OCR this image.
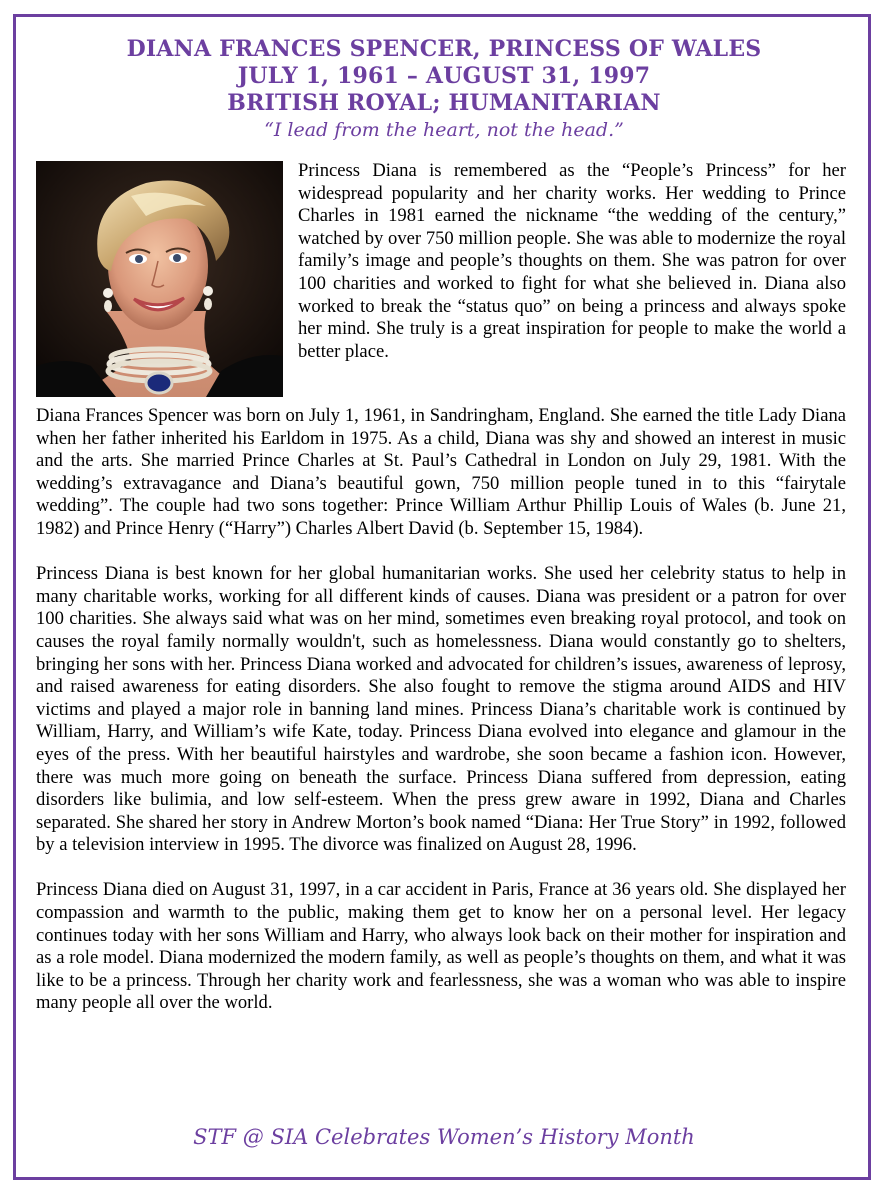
DIANA FRANCES SPENCER, PRINCESS OF WALES
JULY 1, 1961 – AUGUST 31, 1997
BRITISH ROYAL; HUMANITARIAN
“I lead from the heart, not the head.”
Princess Diana is remembered as the “People’s Princess” for her widespread popularity and her charity works. Her wedding to Prince Charles in 1981 earned the nickname “the wedding of the century,” watched by over 750 million people. She was able to modernize the royal family’s image and people’s thoughts on them. She was patron for over 100 charities and worked to fight for what she believed in. Diana also worked to break the “status quo” on being a princess and always spoke her mind. She truly is a great inspiration for people to make the world a better place.

Diana Frances Spencer was born on July 1, 1961, in Sandringham, England. She earned the title Lady Diana when her father inherited his Earldom in 1975. As a child, Diana was shy and showed an interest in music and the arts. She married Prince Charles at St. Paul’s Cathedral in London on July 29, 1981. With the wedding’s extravagance and Diana’s beautiful gown, 750 million people tuned in to this “fairytale wedding”. The couple had two sons together: Prince William Arthur Phillip Louis of Wales (b. June 21, 1982) and Prince Henry (“Harry”) Charles Albert David (b. September 15, 1984).

Princess Diana is best known for her global humanitarian works. She used her celebrity status to help in many charitable works, working for all different kinds of causes. Diana was president or a patron for over 100 charities. She always said what was on her mind, sometimes even breaking royal protocol, and took on causes the royal family normally wouldn't, such as homelessness. Diana would constantly go to shelters, bringing her sons with her. Princess Diana worked and advocated for children’s issues, awareness of leprosy, and raised awareness for eating disorders. She also fought to remove the stigma around AIDS and HIV victims and played a major role in banning land mines. Princess Diana’s charitable work is continued by William, Harry, and William’s wife Kate, today. Princess Diana evolved into elegance and glamour in the eyes of the press. With her beautiful hairstyles and wardrobe, she soon became a fashion icon. However, there was much more going on beneath the surface. Princess Diana suffered from depression, eating disorders like bulimia, and low self-esteem. When the press grew aware in 1992, Diana and Charles separated. She shared her story in Andrew Morton’s book named “Diana: Her True Story” in 1992, followed by a television interview in 1995. The divorce was finalized on August 28, 1996.

Princess Diana died on August 31, 1997, in a car accident in Paris, France at 36 years old. She displayed her compassion and warmth to the public, making them get to know her on a personal level. Her legacy continues today with her sons William and Harry, who always look back on their mother for inspiration and as a role model. Diana modernized the modern family, as well as people’s thoughts on them, and what it was like to be a princess. Through her charity work and fearlessness, she was a woman who was able to inspire many people all over the world.

STF @ SIA Celebrates Women’s History Month
